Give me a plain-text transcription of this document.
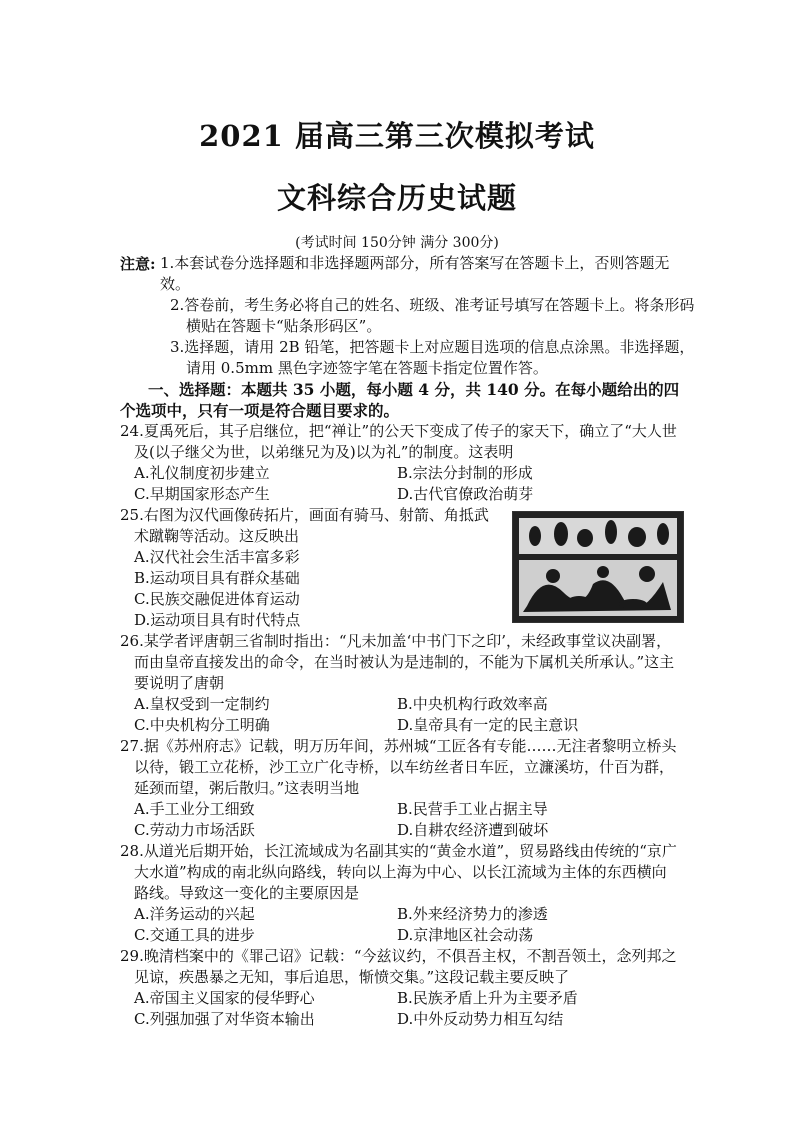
2021 届高三第三次模拟考试
文科综合历史试题
(考试时间 150分钟 满分 300分)
注意: 1.本套试卷分选择题和非选择题两部分，所有答案写在答题卡上，否则答题无效。
2.答卷前，考生务必将自己的姓名、班级、准考证号填写在答题卡上。将条形码横贴在答题卡“贴条形码区”。
3.选择题，请用 2B 铅笔，把答题卡上对应题目选项的信息点涂黑。非选择题，请用 0.5mm 黑色字迹签字笔在答题卡指定位置作答。
一、选择题：本题共 35 小题，每小题 4 分，共 140 分。在每小题给出的四个选项中，只有一项是符合题目要求的。
24.夏禹死后，其子启继位，把“禅让”的公天下变成了传子的家天下，确立了“大人世及(以子继父为世，以弟继兄为及)以为礼”的制度。这表明
A.礼仪制度初步建立	B.宗法分封制的形成
C.早期国家形态产生	D.古代官僚政治萌芽
25.右图为汉代画像砖拓片，画面有骑马、射箭、角抵武术蹴鞠等活动。这反映出
A.汉代社会生活丰富多彩
B.运动项目具有群众基础
C.民族交融促进体育运动
D.运动项目具有时代特点
26.某学者评唐朝三省制时指出：“凡未加盖‘中书门下之印’，未经政事堂议决副署，而由皇帝直接发出的命令，在当时被认为是违制的，不能为下属机关所承认。”这主要说明了唐朝
A.皇权受到一定制约	B.中央机构行政效率高
C.中央机构分工明确	D.皇帝具有一定的民主意识
27.据《苏州府志》记载，明万历年间，苏州城“工匠各有专能……无注者黎明立桥头以待，锻工立花桥，沙工立广化寺桥，以车纺丝者日车匠，立濂溪坊，什百为群，延颈而望，粥后散归。”这表明当地
A.手工业分工细致	B.民营手工业占据主导
C.劳动力市场活跃	D.自耕农经济遭到破坏
28.从道光后期开始，长江流域成为名副其实的“黄金水道”，贸易路线由传统的“京广大水道”构成的南北纵向路线，转向以上海为中心、以长江流域为主体的东西横向路线。导致这一变化的主要原因是
A.洋务运动的兴起	B.外来经济势力的渗透
C.交通工具的进步	D.京津地区社会动荡
29.晚清档案中的《罪己诏》记载：“今兹议约，不俱吾主权，不割吾领土，念列邦之见谅，疾愚暴之无知，事后追思，惭愤交集。”这段记载主要反映了
A.帝国主义国家的侵华野心	B.民族矛盾上升为主要矛盾
C.列强加强了对华资本输出	D.中外反动势力相互勾结
